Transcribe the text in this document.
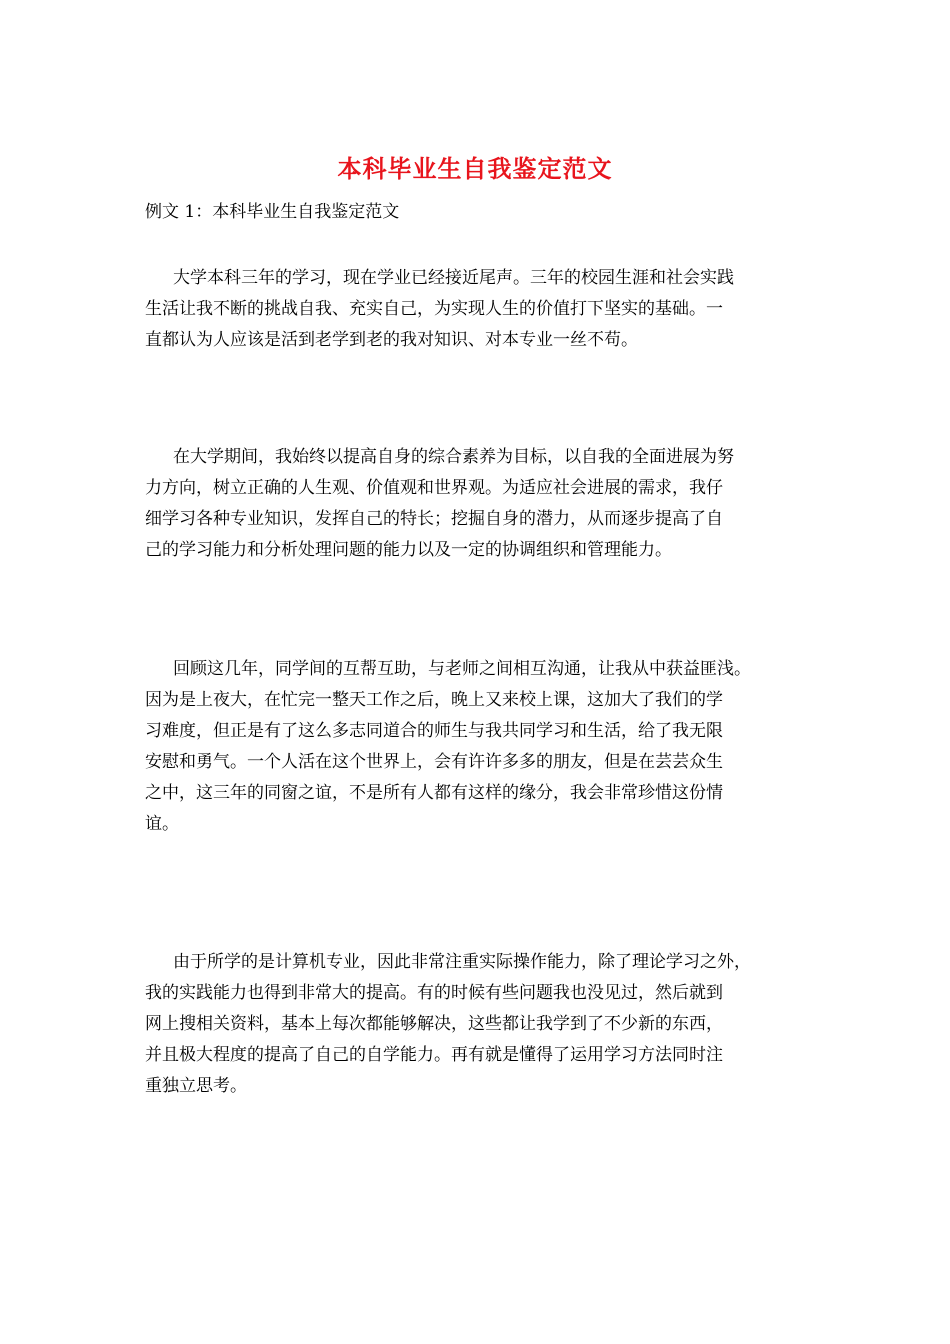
本科毕业生自我鉴定范文
例文 1：本科毕业生自我鉴定范文
大学本科三年的学习，现在学业已经接近尾声。三年的校园生涯和社会实践
生活让我不断的挑战自我、充实自己，为实现人生的价值打下坚实的基础。一
直都认为人应该是活到老学到老的我对知识、对本专业一丝不苟。
在大学期间，我始终以提高自身的综合素养为目标，以自我的全面进展为努
力方向，树立正确的人生观、价值观和世界观。为适应社会进展的需求，我仔
细学习各种专业知识，发挥自己的特长；挖掘自身的潜力，从而逐步提高了自
己的学习能力和分析处理问题的能力以及一定的协调组织和管理能力。
回顾这几年，同学间的互帮互助，与老师之间相互沟通，让我从中获益匪浅。
因为是上夜大，在忙完一整天工作之后，晚上又来校上课，这加大了我们的学
习难度，但正是有了这么多志同道合的师生与我共同学习和生活，给了我无限
安慰和勇气。一个人活在这个世界上，会有许许多多的朋友，但是在芸芸众生
之中，这三年的同窗之谊，不是所有人都有这样的缘分，我会非常珍惜这份情
谊。
由于所学的是计算机专业，因此非常注重实际操作能力，除了理论学习之外，
我的实践能力也得到非常大的提高。有的时候有些问题我也没见过，然后就到
网上搜相关资料，基本上每次都能够解决，这些都让我学到了不少新的东西，
并且极大程度的提高了自己的自学能力。再有就是懂得了运用学习方法同时注
重独立思考。
